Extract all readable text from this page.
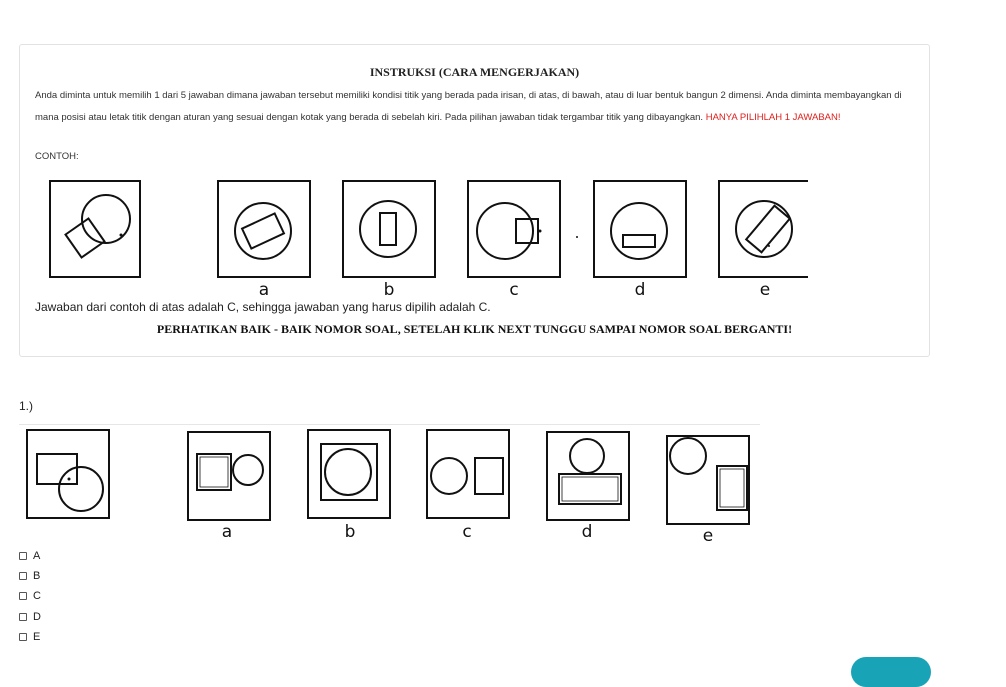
INSTRUKSI (CARA MENGERJAKAN)
Anda diminta untuk memilih 1 dari 5 jawaban dimana jawaban tersebut memiliki kondisi titik yang berada pada irisan, di atas, di bawah, atau di luar bentuk bangun 2 dimensi. Anda diminta membayangkan di mana posisi atau letak titik dengan aturan yang sesuai dengan kotak yang berada di sebelah kiri. Pada pilihan jawaban tidak tergambar titik yang dibayangkan. HANYA PILIHLAH 1 JAWABAN!
CONTOH:
a	b	c	d	e
Jawaban dari contoh di atas adalah C, sehingga jawaban yang harus dipilih adalah C.
PERHATIKAN BAIK - BAIK NOMOR SOAL, SETELAH KLIK NEXT TUNGGU SAMPAI NOMOR SOAL BERGANTI!
1.)
a	b	c	d	e
A
B
C
D
E
